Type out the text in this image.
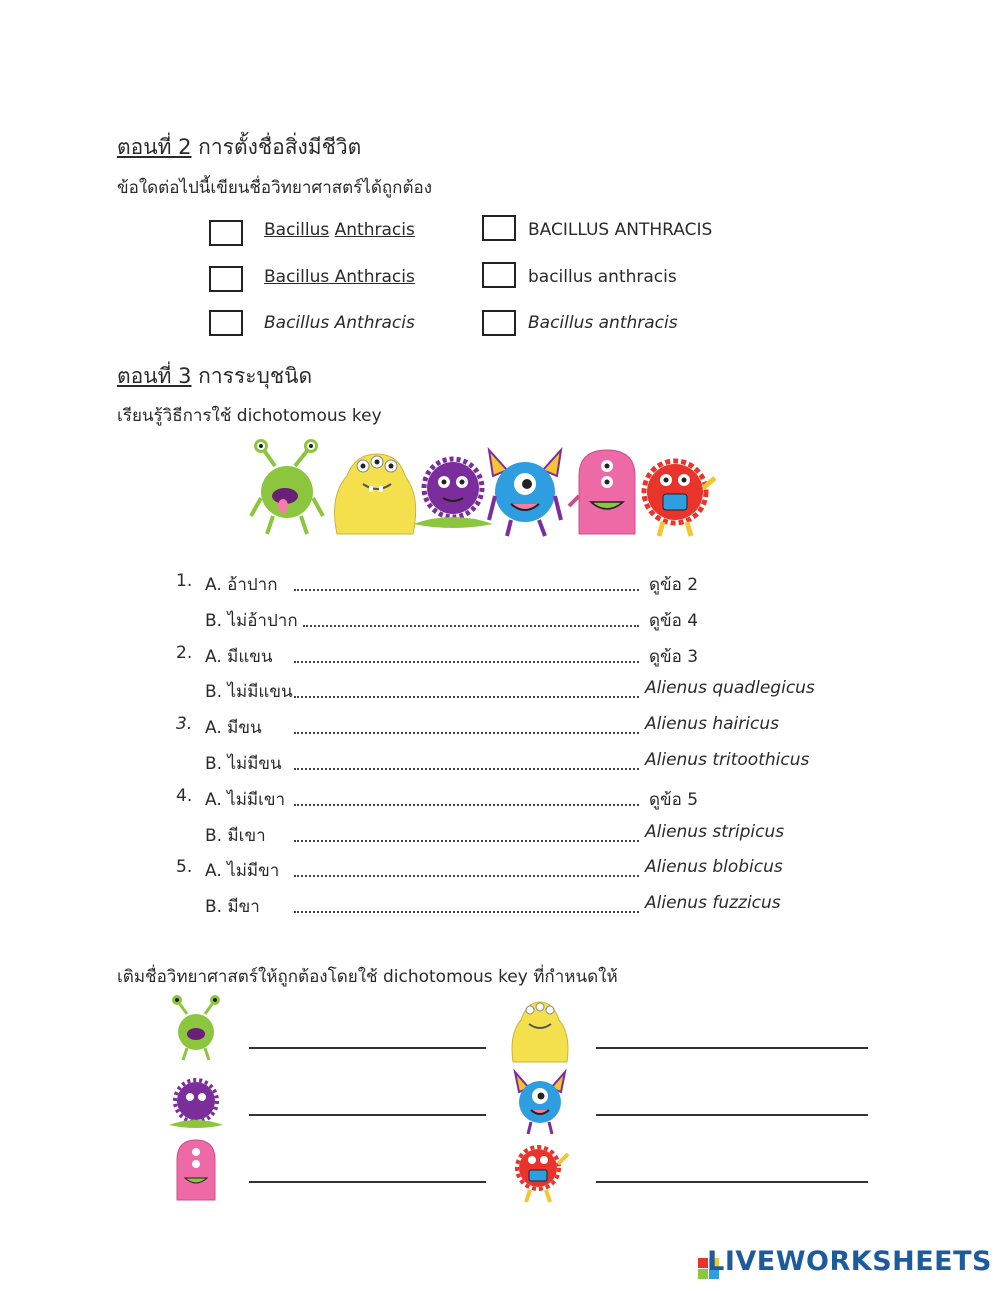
ตอนที่ 2 การตั้งชื่อสิ่งมีชีวิต
ข้อใดต่อไปนี้เขียนชื่อวิทยาศาสตร์ได้ถูกต้อง
Bacillus Anthracis
Bacillus Anthracis
Bacillus Anthracis
BACILLUS ANTHRACIS
bacillus anthracis
Bacillus anthracis
ตอนที่ 3 การระบุชนิด
เรียนรู้วิธีการใช้ dichotomous key
1. A. อ้าปาก	ดูข้อ 2
B. ไม่อ้าปาก	ดูข้อ 4
2. A. มีแขน	ดูข้อ 3
B. ไม่มีแขน	Alienus quadlegicus
3. A. มีขน	Alienus hairicus
B. ไม่มีขน	Alienus tritoothicus
4. A. ไม่มีเขา	ดูข้อ 5
B. มีเขา	Alienus stripicus
5. A. ไม่มีขา	Alienus blobicus
B. มีขา	Alienus fuzzicus
เติมชื่อวิทยาศาสตร์ให้ถูกต้องโดยใช้ dichotomous key ที่กำหนดให้
LIVEWORKSHEETS
